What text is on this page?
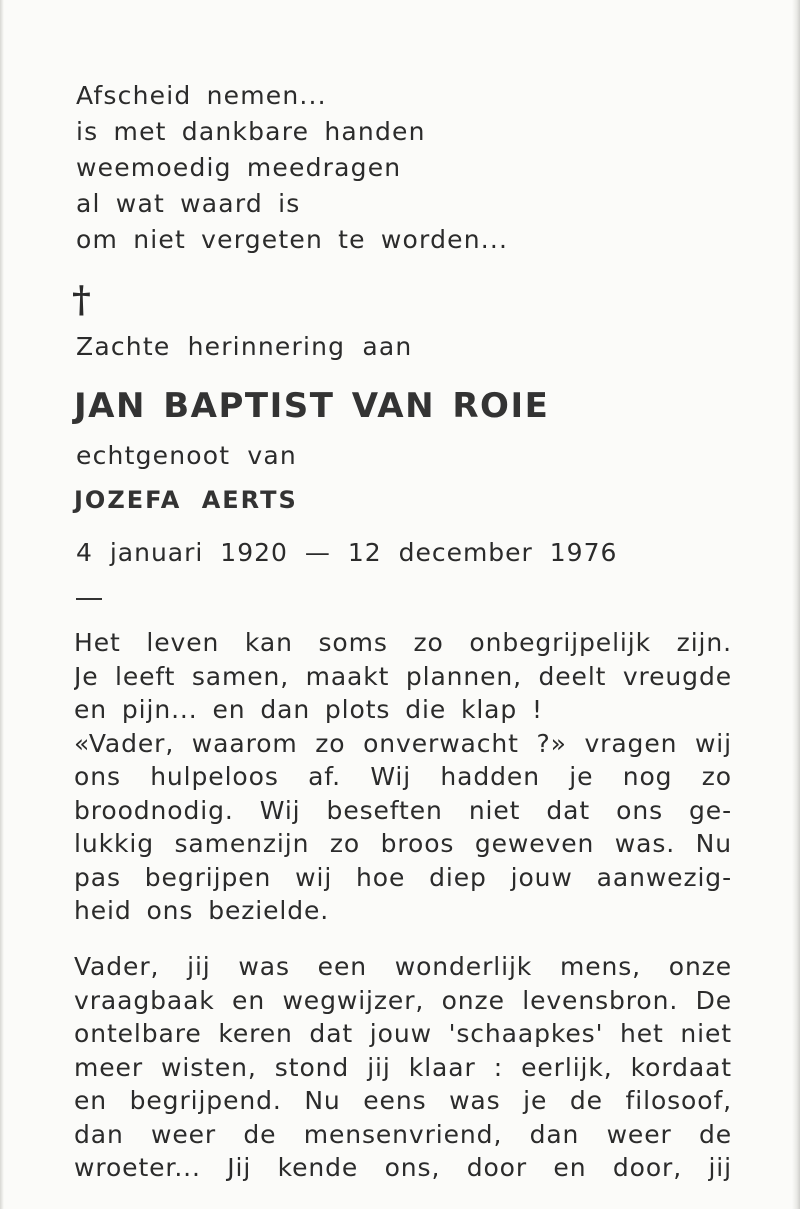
Afscheid nemen...
is met dankbare handen
weemoedig meedragen
al wat waard is
om niet vergeten te worden...
†
Zachte herinnering aan
JAN BAPTIST VAN ROIE
echtgenoot van
JOZEFA AERTS
4 januari 1920 — 12 december 1976
Het leven kan soms zo onbegrijpelijk zijn.
Je leeft samen, maakt plannen, deelt vreugde
en pijn... en dan plots die klap !
«Vader, waarom zo onverwacht ?» vragen wij
ons hulpeloos af. Wij hadden je nog zo
broodnodig. Wij beseften niet dat ons ge-
lukkig samenzijn zo broos geweven was. Nu
pas begrijpen wij hoe diep jouw aanwezig-
heid ons bezielde.
Vader, jij was een wonderlijk mens, onze
vraagbaak en wegwijzer, onze levensbron. De
ontelbare keren dat jouw 'schaapkes' het niet
meer wisten, stond jij klaar : eerlijk, kordaat
en begrijpend. Nu eens was je de filosoof,
dan weer de mensenvriend, dan weer de
wroeter... Jij kende ons, door en door, jij
